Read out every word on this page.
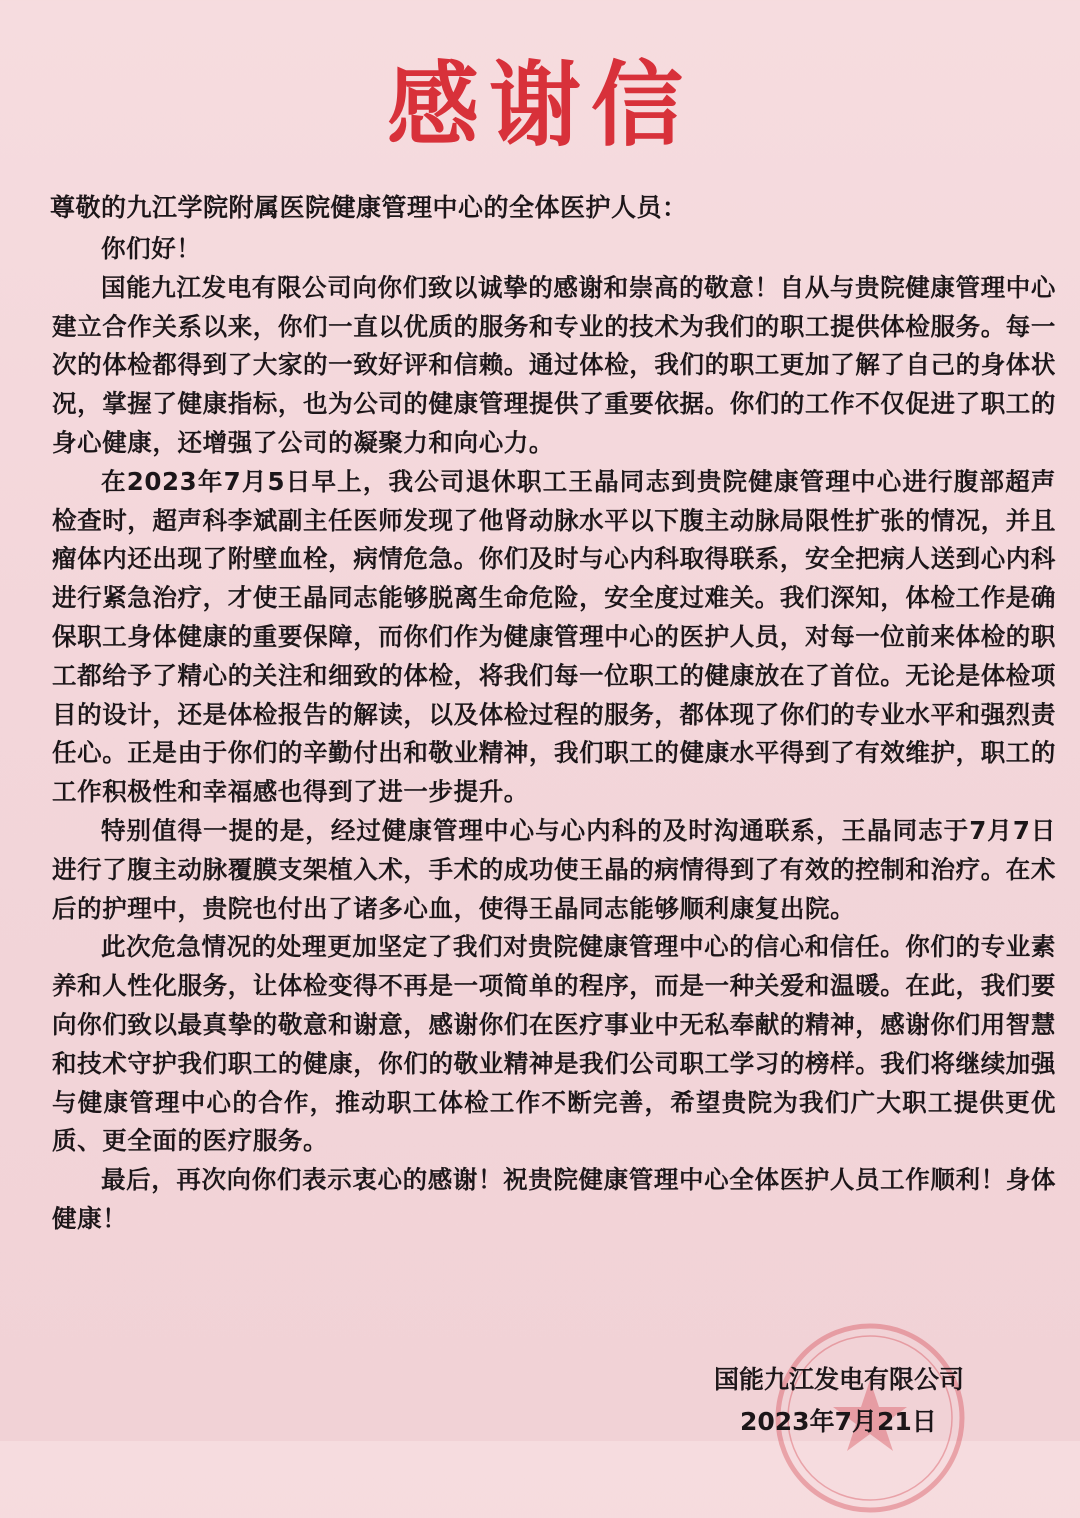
感谢信
尊敬的九江学院附属医院健康管理中心的全体医护人员：

你们好！

国能九江发电有限公司向你们致以诚挚的感谢和崇高的敬意！自从与贵院健康管理中心建立合作关系以来，你们一直以优质的服务和专业的技术为我们的职工提供体检服务。每一次的体检都得到了大家的一致好评和信赖。通过体检，我们的职工更加了解了自己的身体状况，掌握了健康指标，也为公司的健康管理提供了重要依据。你们的工作不仅促进了职工的身心健康，还增强了公司的凝聚力和向心力。

在2023年7月5日早上，我公司退休职工王晶同志到贵院健康管理中心进行腹部超声检查时，超声科李斌副主任医师发现了他肾动脉水平以下腹主动脉局限性扩张的情况，并且瘤体内还出现了附壁血栓，病情危急。你们及时与心内科取得联系，安全把病人送到心内科进行紧急治疗，才使王晶同志能够脱离生命危险，安全度过难关。我们深知，体检工作是确保职工身体健康的重要保障，而你们作为健康管理中心的医护人员，对每一位前来体检的职工都给予了精心的关注和细致的体检，将我们每一位职工的健康放在了首位。无论是体检项目的设计，还是体检报告的解读，以及体检过程的服务，都体现了你们的专业水平和强烈责任心。正是由于你们的辛勤付出和敬业精神，我们职工的健康水平得到了有效维护，职工的工作积极性和幸福感也得到了进一步提升。

特别值得一提的是，经过健康管理中心与心内科的及时沟通联系，王晶同志于7月7日进行了腹主动脉覆膜支架植入术，手术的成功使王晶的病情得到了有效的控制和治疗。在术后的护理中，贵院也付出了诸多心血，使得王晶同志能够顺利康复出院。

此次危急情况的处理更加坚定了我们对贵院健康管理中心的信心和信任。你们的专业素养和人性化服务，让体检变得不再是一项简单的程序，而是一种关爱和温暖。在此，我们要向你们致以最真挚的敬意和谢意，感谢你们在医疗事业中无私奉献的精神，感谢你们用智慧和技术守护我们职工的健康，你们的敬业精神是我们公司职工学习的榜样。我们将继续加强与健康管理中心的合作，推动职工体检工作不断完善，希望贵院为我们广大职工提供更优质、更全面的医疗服务。

最后，再次向你们表示衷心的感谢！祝贵院健康管理中心全体医护人员工作顺利！身体健康！

国能九江发电有限公司
2023年7月21日
